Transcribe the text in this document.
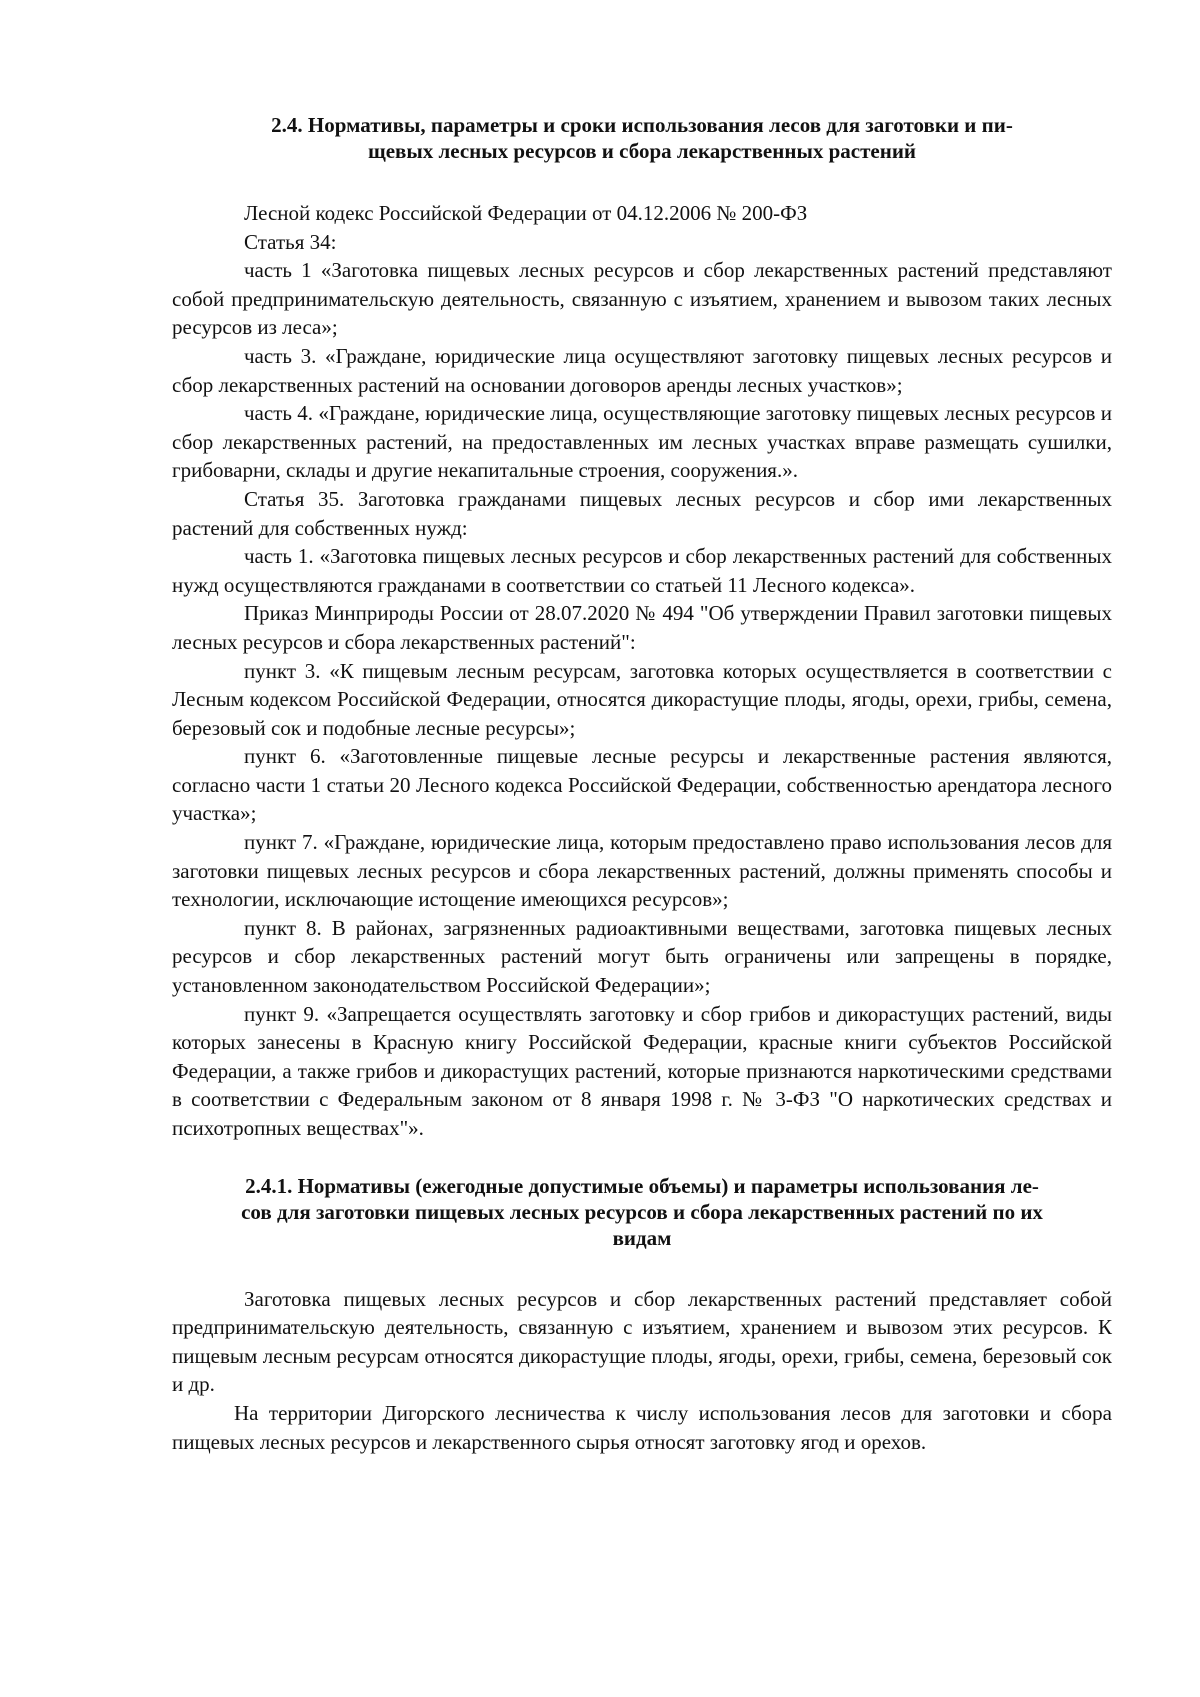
2.4. Нормативы, параметры и сроки использования лесов для заготовки и пи-
щевых лесных ресурсов и сбора лекарственных растений

Лесной кодекс Российской Федерации от 04.12.2006 № 200-ФЗ

Статья 34:

часть 1 «Заготовка пищевых лесных ресурсов и сбор лекарственных растений представляют собой предпринимательскую деятельность, связанную с изъятием, хранением и вывозом таких лесных ресурсов из леса»;

часть 3. «Граждане, юридические лица осуществляют заготовку пищевых лесных ресурсов и сбор лекарственных растений на основании договоров аренды лесных участков»;

часть 4. «Граждане, юридические лица, осуществляющие заготовку пищевых лесных ресурсов и сбор лекарственных растений, на предоставленных им лесных участках вправе размещать сушилки, грибоварни, склады и другие некапитальные строения, сооружения.».

Статья 35. Заготовка гражданами пищевых лесных ресурсов и сбор ими лекарственных растений для собственных нужд:

часть 1. «Заготовка пищевых лесных ресурсов и сбор лекарственных растений для собственных нужд осуществляются гражданами в соответствии со статьей 11 Лесного кодекса».

Приказ Минприроды России от 28.07.2020 № 494 "Об утверждении Правил заготовки пищевых лесных ресурсов и сбора лекарственных растений":

пункт 3. «К пищевым лесным ресурсам, заготовка которых осуществляется в соответствии с Лесным кодексом Российской Федерации, относятся дикорастущие плоды, ягоды, орехи, грибы, семена, березовый сок и подобные лесные ресурсы»;

пункт 6. «Заготовленные пищевые лесные ресурсы и лекарственные растения являются, согласно части 1 статьи 20 Лесного кодекса Российской Федерации, собственностью арендатора лесного участка»;

пункт 7. «Граждане, юридические лица, которым предоставлено право использования лесов для заготовки пищевых лесных ресурсов и сбора лекарственных растений, должны применять способы и технологии, исключающие истощение имеющихся ресурсов»;

пункт 8. В районах, загрязненных радиоактивными веществами, заготовка пищевых лесных ресурсов и сбор лекарственных растений могут быть ограничены или запрещены в порядке, установленном законодательством Российской Федерации»;

пункт 9. «Запрещается осуществлять заготовку и сбор грибов и дикорастущих растений, виды которых занесены в Красную книгу Российской Федерации, красные книги субъектов Российской Федерации, а также грибов и дикорастущих растений, которые признаются наркотическими средствами в соответствии с Федеральным законом от 8 января 1998 г. № 3-ФЗ "О наркотических средствах и психотропных веществах"».

2.4.1. Нормативы (ежегодные допустимые объемы) и параметры использования ле-
сов для заготовки пищевых лесных ресурсов и сбора лекарственных растений по их
видам

Заготовка пищевых лесных ресурсов и сбор лекарственных растений представляет собой предпринимательскую деятельность, связанную с изъятием, хранением и вывозом этих ресурсов. К пищевым лесным ресурсам относятся дикорастущие плоды, ягоды, орехи, грибы, семена, березовый сок и др.

На территории Дигорского лесничества к числу использования лесов для заготовки и сбора пищевых лесных ресурсов и лекарственного сырья относят заготовку ягод и орехов.
